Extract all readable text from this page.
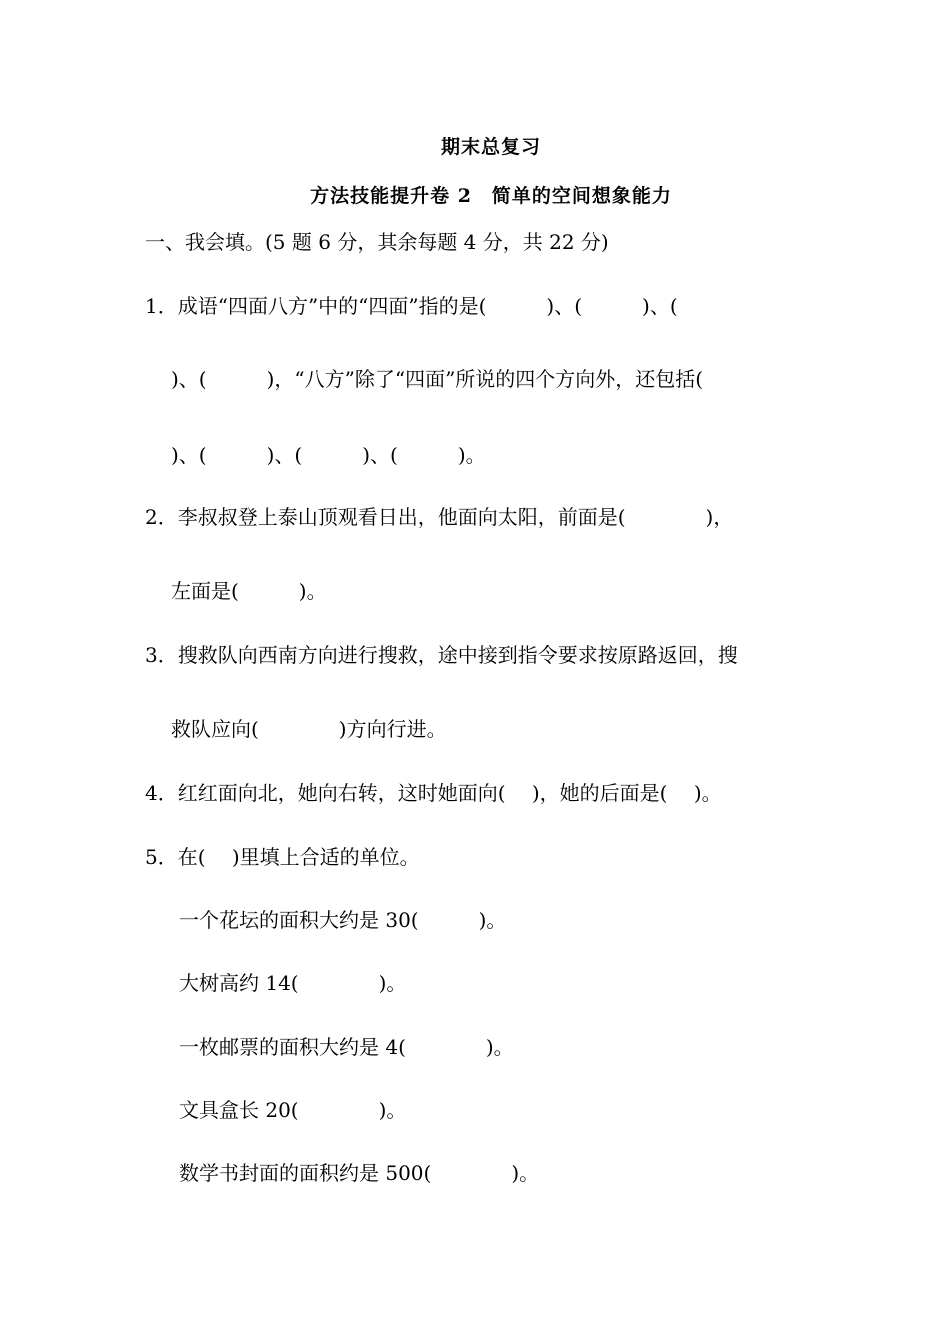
期末总复习
方法技能提升卷 2　简单的空间想象能力
一、我会填。(5 题 6 分，其余每题 4 分，共 22 分)
1．成语“四面八方”中的“四面”指的是(　　　)、(　　　)、(
)、(　　　)，“八方”除了“四面”所说的四个方向外，还包括(
)、(　　　)、(　　　)、(　　　)。
2．李叔叔登上泰山顶观看日出，他面向太阳，前面是(　　　　)，
左面是(　　　)。
3．搜救队向西南方向进行搜救，途中接到指令要求按原路返回，搜
救队应向(　　　　)方向行进。
4．红红面向北，她向右转，这时她面向(　 )，她的后面是(　 )。
5．在(　 )里填上合适的单位。
一个花坛的面积大约是 30(　　　)。
大树高约 14(　　　　)。
一枚邮票的面积大约是 4(　　　　)。
文具盒长 20(　　　　)。
数学书封面的面积约是 500(　　　　)。
